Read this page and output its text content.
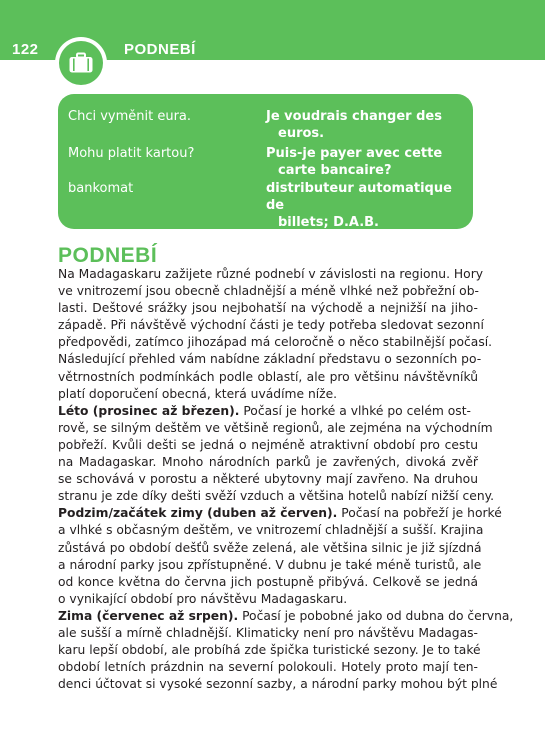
122	PODNEBÍ
Chci vyměnit eura.	Je voudrais changer des
euros.
Mohu platit kartou?	Puis-je payer avec cette
carte bancaire?
bankomat	distributeur automatique de
billets; D.A.B.
PODNEBÍ
Na Madagaskaru zažijete různé podnebí v závislosti na regionu. Hory
ve vnitrozemí jsou obecně chladnější a méně vlhké než pobřežní ob-
lasti. Deštové srážky jsou nejbohatší na východě a nejnižší na jiho-
západě. Při návštěvě východní části je tedy potřeba sledovat sezonní
předpovědi, zatímco jihozápad má celoročně o něco stabilnější počasí.
Následující přehled vám nabídne základní představu o sezonních po-
větrnostních podmínkách podle oblastí, ale pro většinu návštěvníků
platí doporučení obecná, která uvádíme níže.
Léto (prosinec až březen). Počasí je horké a vlhké po celém ost-
rově, se silným deštěm ve většině regionů, ale zejména na východním
pobřeží. Kvůli dešti se jedná o nejméně atraktivní období pro cestu
na Madagaskar. Mnoho národních parků je zavřených, divoká zvěř
se schovává v porostu a některé ubytovny mají zavřeno. Na druhou
stranu je zde díky dešti svěží vzduch a většina hotelů nabízí nižší ceny.
Podzim/začátek zimy (duben až červen). Počasí na pobřeží je horké
a vlhké s občasným deštěm, ve vnitrozemí chladnější a sušší. Krajina
zůstává po období dešťů svěže zelená, ale většina silnic je již sjízdná
a národní parky jsou zpřístupněné. V dubnu je také méně turistů, ale
od konce května do června jich postupně přibývá. Celkově se jedná
o vynikající období pro návštěvu Madagaskaru.
Zima (červenec až srpen). Počasí je pobobné jako od dubna do června,
ale sušší a mírně chladnější. Klimaticky není pro návštěvu Madagas-
karu lepší období, ale probíhá zde špička turistické sezony. Je to také
období letních prázdnin na severní polokouli. Hotely proto mají ten-
denci účtovat si vysoké sezonní sazby, a národní parky mohou být plné
